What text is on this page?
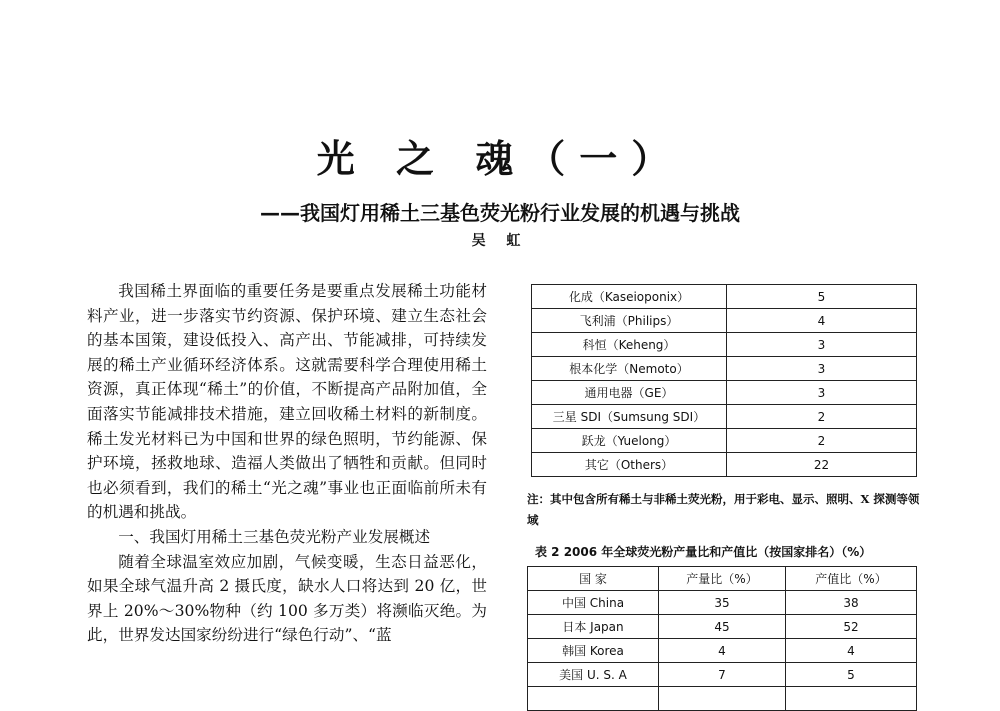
光 之 魂（一）
——我国灯用稀土三基色荧光粉行业发展的机遇与挑战
吴 虹

我国稀土界面临的重要任务是要重点发展稀土功能材料产业，进一步落实节约资源、保护环境、建立生态社会的基本国策，建设低投入、高产出、节能减排，可持续发展的稀土产业循环经济体系。这就需要科学合理使用稀土资源，真正体现“稀土”的价值，不断提高产品附加值，全面落实节能减排技术措施，建立回收稀土材料的新制度。稀土发光材料已为中国和世界的绿色照明，节约能源、保护环境，拯救地球、造福人类做出了牺牲和贡献。但同时也必须看到，我们的稀土“光之魂”事业也正面临前所未有的机遇和挑战。

一、我国灯用稀土三基色荧光粉产业发展概述

随着全球温室效应加剧，气候变暖，生态日益恶化，如果全球气温升高 2 摄氏度，缺水人口将达到 20 亿，世界上 20%～30%物种（约 100 多万类）将濒临灭绝。为此，世界发达国家纷纷进行“绿色行动”、“蓝

化成（Kaseioponix）	5
飞利浦（Philips）	4
科恒（Keheng）	3
根本化学（Nemoto）	3
通用电器（GE）	3
三星 SDI（Sumsung SDI）	2
跃龙（Yuelong）	2
其它（Others）	22
注：其中包含所有稀土与非稀土荧光粉，用于彩电、显示、照明、X 探测等领域
表 2 2006 年全球荧光粉产量比和产值比（按国家排名）（%）
国 家	产量比（%）	产值比（%）
中国 China	35	38
日本 Japan	45	52
韩国 Korea	4	4
美国 U. S. A	7	5
